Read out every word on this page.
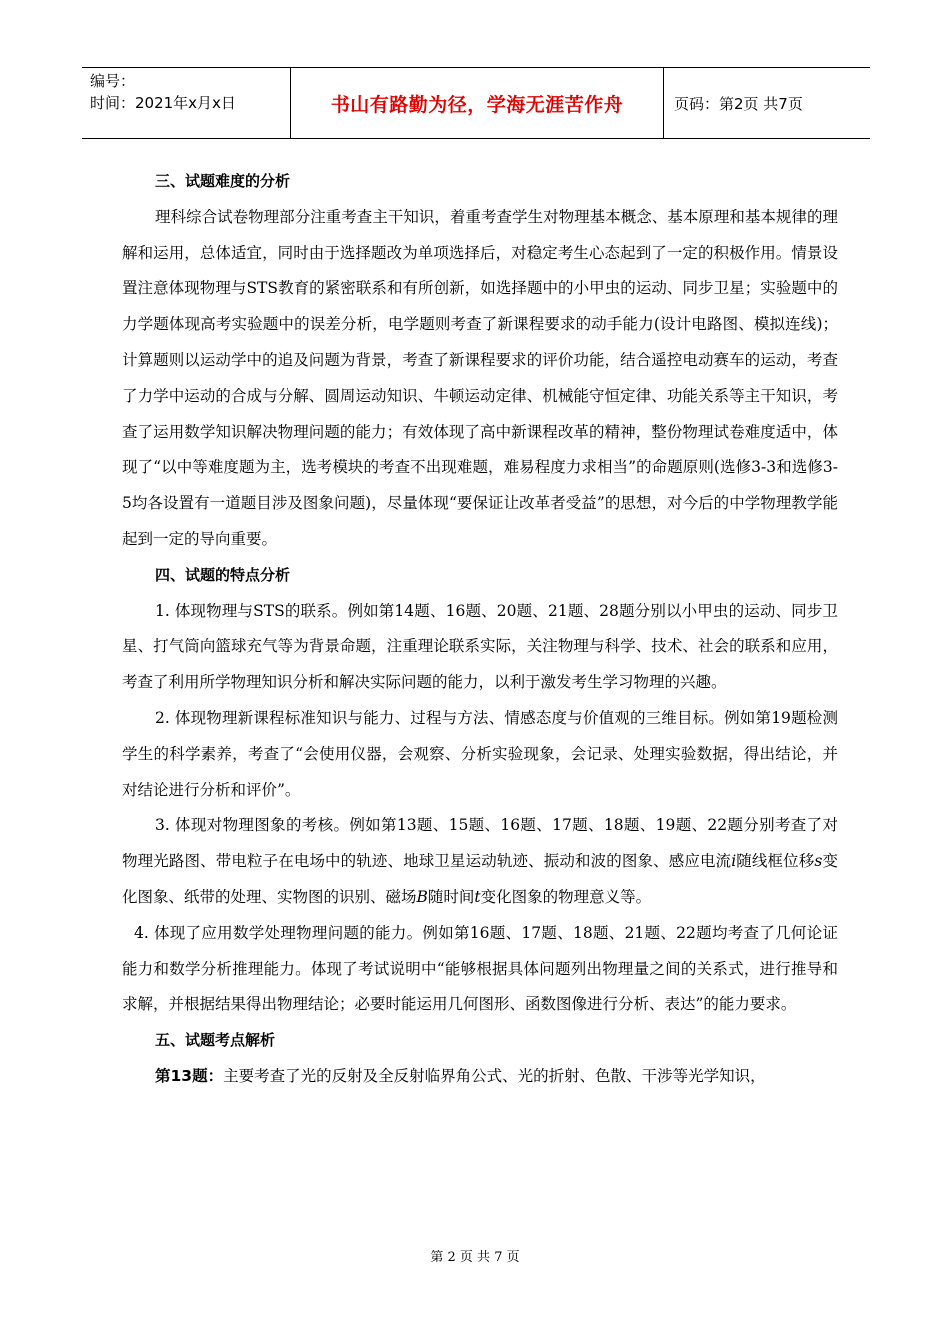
编号：
时间：2021年x月x日	书山有路勤为径，学海无涯苦作舟	页码：第2页 共7页

三、试题难度的分析

理科综合试卷物理部分注重考查主干知识，着重考查学生对物理基本概念、基本原理和基本规律的理解和运用，总体适宜，同时由于选择题改为单项选择后，对稳定考生心态起到了一定的积极作用。情景设置注意体现物理与STS教育的紧密联系和有所创新，如选择题中的小甲虫的运动、同步卫星；实验题中的力学题体现高考实验题中的误差分析，电学题则考查了新课程要求的动手能力(设计电路图、模拟连线)；计算题则以运动学中的追及问题为背景，考查了新课程要求的评价功能，结合遥控电动赛车的运动，考查了力学中运动的合成与分解、圆周运动知识、牛顿运动定律、机械能守恒定律、功能关系等主干知识，考查了运用数学知识解决物理问题的能力；有效体现了高中新课程改革的精神，整份物理试卷难度适中，体现了“以中等难度题为主，选考模块的考查不出现难题，难易程度力求相当”的命题原则(选修3-3和选修3-5均各设置有一道题目涉及图象问题)，尽量体现“要保证让改革者受益”的思想，对今后的中学物理教学能起到一定的导向重要。

四、试题的特点分析

1. 体现物理与STS的联系。例如第14题、16题、20题、21题、28题分别以小甲虫的运动、同步卫星、打气筒向篮球充气等为背景命题，注重理论联系实际，关注物理与科学、技术、社会的联系和应用，考查了利用所学物理知识分析和解决实际问题的能力，以利于激发考生学习物理的兴趣。

2. 体现物理新课程标准知识与能力、过程与方法、情感态度与价值观的三维目标。例如第19题检测学生的科学素养，考查了“会使用仪器，会观察、分析实验现象，会记录、处理实验数据，得出结论，并对结论进行分析和评价”。

3. 体现对物理图象的考核。例如第13题、15题、16题、17题、18题、19题、22题分别考查了对物理光路图、带电粒子在电场中的轨迹、地球卫星运动轨迹、振动和波的图象、感应电流i随线框位移s变化图象、纸带的处理、实物图的识别、磁场B随时间t变化图象的物理意义等。

4. 体现了应用数学处理物理问题的能力。例如第16题、17题、18题、21题、22题均考查了几何论证能力和数学分析推理能力。体现了考试说明中“能够根据具体问题列出物理量之间的关系式，进行推导和求解，并根据结果得出物理结论；必要时能运用几何图形、函数图像进行分析、表达”的能力要求。

五、试题考点解析

第13题：主要考查了光的反射及全反射临界角公式、光的折射、色散、干涉等光学知识，

第 2 页 共 7 页
